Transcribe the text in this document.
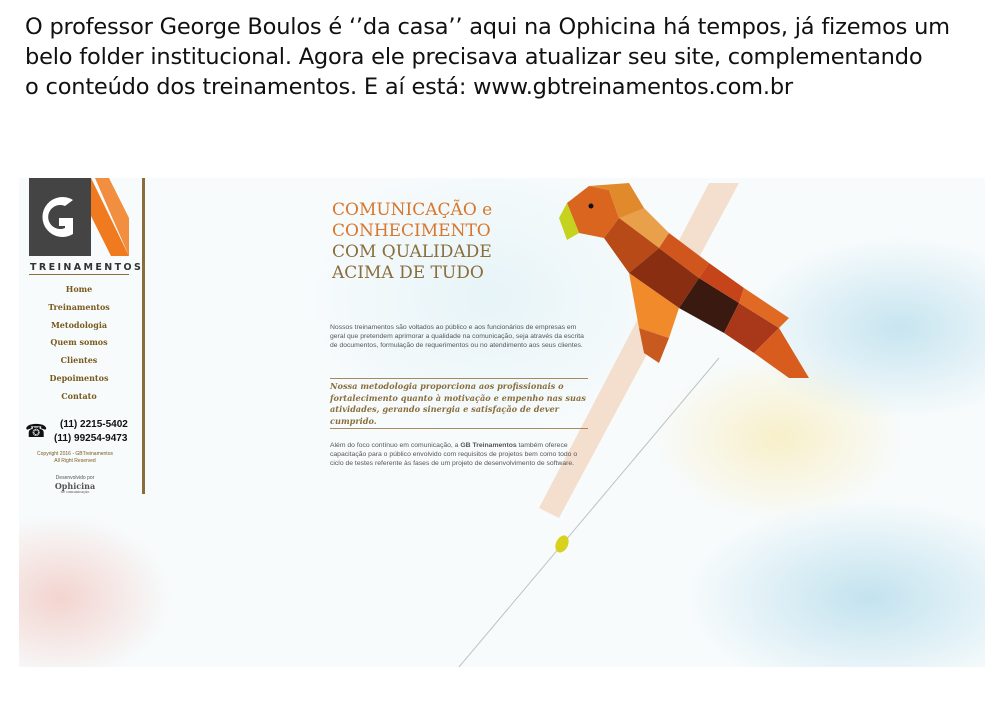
O professor George Boulos é ‘’da casa’’ aqui na Ophicina há tempos, já fizemos um

belo folder institucional. Agora ele precisava atualizar seu site, complementando

o conteúdo dos treinamentos. E aí está: www.gbtreinamentos.com.br

TREINAMENTOS
Home
Treinamentos
Metodologia
Quem somos
Clientes
Depoimentos
Contato
☎ (11) 2215-5402
(11) 99254-9473
Copyright 2016 - GBTreinamentos
All Right Reserved
Desenvolvido por
Ophicina
de comunicação
COMUNICAÇÃO e
CONHECIMENTO
COM QUALIDADE
ACIMA DE TUDO

Nossos treinamentos são voltados ao público e aos funcionários de empresas em geral que pretendem aprimorar a qualidade na comunicação, seja através da escrita de documentos, formulação de requerimentos ou no atendimento aos seus clientes.

Nossa metodologia proporciona aos profissionais o fortalecimento quanto à motivação e empenho nas suas atividades, gerando sinergia e satisfação de dever cumprido.

Além do foco contínuo em comunicação, a GB Treinamentos também oferece capacitação para o público envolvido com requisitos de projetos bem como todo o ciclo de testes referente às fases de um projeto de desenvolvimento de software.
